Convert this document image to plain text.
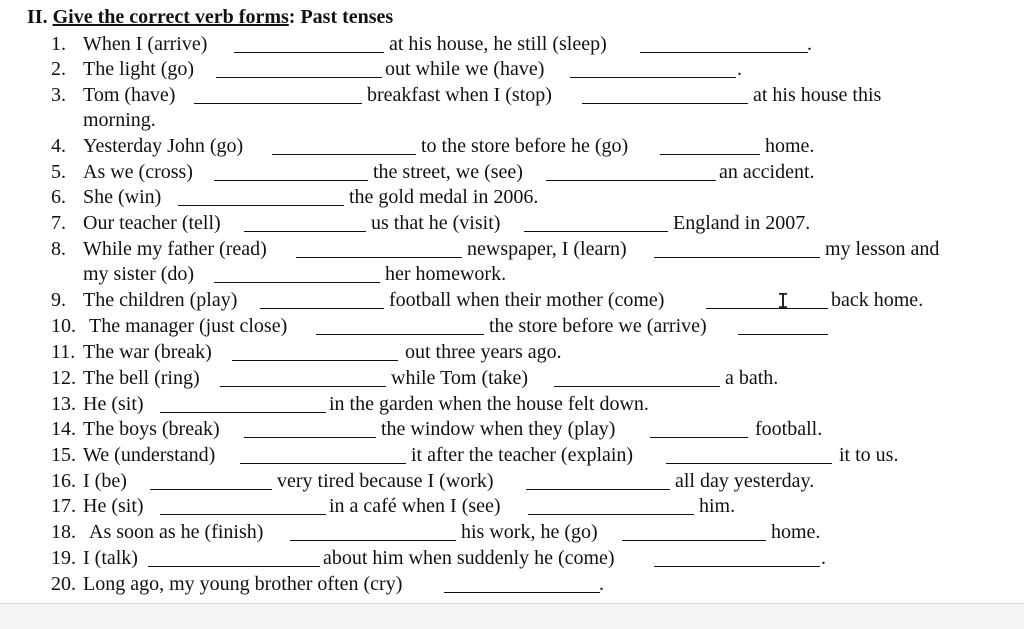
II. Give the correct verb forms: Past tenses
1. When I (arrive)	at his house, he still (sleep)	.
2. The light (go)	out while we (have)	.
3. Tom (have)	breakfast when I (stop)	at his house this
morning.
4. Yesterday John (go)	to the store before he (go)	home.
5. As we (cross)	the street, we (see)	an accident.
6. She (win)	the gold medal in 2006.
7. Our teacher (tell)	us that he (visit)	England in 2007.
8. While my father (read)	newspaper, I (learn)	my lesson and
my sister (do)	her homework.
9. The children (play)	football when their mother (come)	back home.
10. The manager (just close)	the store before we (arrive)
11. The war (break)	out three years ago.
12. The bell (ring)	while Tom (take)	a bath.
13. He (sit)	in the garden when the house felt down.
14. The boys (break)	the window when they (play)	football.
15. We (understand)	it after the teacher (explain)	it to us.
16. I (be)	very tired because I (work)	all day yesterday.
17. He (sit)	in a café when I (see)	him.
18. As soon as he (finish)	his work, he (go)	home.
19. I (talk)	about him when suddenly he (come)	.
20. Long ago, my young brother often (cry)	.
I
